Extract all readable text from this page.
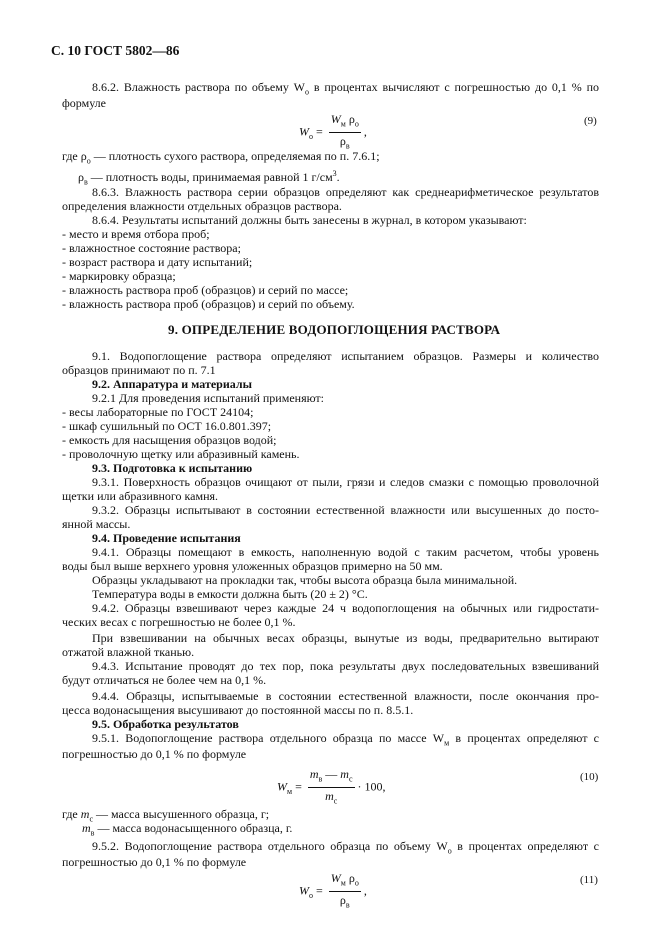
С. 10 ГОСТ 5802—86
8.6.2. Влажность раствора по объему $W_о$ в процентах вычисляют с погрешностью до 0,1 % по
формуле
$W_о = \frac{W_м \rho_о}{\rho_в}$ ,
(9)
где $\rho_о$ — плотность сухого раствора, определяемая по п. 7.6.1;
$\rho_в$ — плотность воды, принимаемая равной 1 $г/см^3$.
8.6.3. Влажность раствора серии образцов определяют как среднеарифметическое результатов
определения влажности отдельных образцов раствора.
8.6.4. Результаты испытаний должны быть занесены в журнал, в котором указывают:
- место и время отбора проб;
- влажностное состояние раствора;
- возраст раствора и дату испытаний;
- маркировку образца;
- влажность раствора проб (образцов) и серий по массе;
- влажность раствора проб (образцов) и серий по объему.
9. ОПРЕДЕЛЕНИЕ ВОДОПОГЛОЩЕНИЯ РАСТВОРА
9.1. Водопоглощение раствора определяют испытанием образцов. Размеры и количество
образцов принимают по п. 7.1
9.2. Аппаратура и материалы
9.2.1 Для проведения испытаний применяют:
- весы лабораторные по ГОСТ 24104;
- шкаф сушильный по ОСТ 16.0.801.397;
- емкость для насыщения образцов водой;
- проволочную щетку или абразивный камень.
9.3. Подготовка к испытанию
9.3.1. Поверхность образцов очищают от пыли, грязи и следов смазки с помощью проволочной
щетки или абразивного камня.
9.3.2. Образцы испытывают в состоянии естественной влажности или высушенных до посто-
янной массы.
9.4. Проведение испытания
9.4.1. Образцы помещают в емкость, наполненную водой с таким расчетом, чтобы уровень
воды был выше верхнего уровня уложенных образцов примерно на 50 мм.
Образцы укладывают на прокладки так, чтобы высота образца была минимальной.
Температура воды в емкости должна быть (20 ± 2) °С.
9.4.2. Образцы взвешивают через каждые 24 ч водопоглощения на обычных или гидростати-
ческих весах с погрешностью не более 0,1 %.
При взвешивании на обычных весах образцы, вынутые из воды, предварительно вытирают
отжатой влажной тканью.
9.4.3. Испытание проводят до тех пор, пока результаты двух последовательных взвешиваний
будут отличаться не более чем на 0,1 %.
9.4.4. Образцы, испытываемые в состоянии естественной влажности, после окончания про-
цесса водонасыщения высушивают до постоянной массы по п. 8.5.1.
9.5. Обработка результатов
9.5.1. Водопоглощение раствора отдельного образца по массе $W_м$ в процентах определяют с
погрешностью до 0,1 % по формуле
$W_м = \frac{m_в — m_с}{m_с} \cdot 100$,
(10)
где $m_с$ — масса высушенного образца, г;
$m_в$ — масса водонасыщенного образца, г.
9.5.2. Водопоглощение раствора отдельного образца по объему $W_о$ в процентах определяют с
погрешностью до 0,1 % по формуле
$W_о = \frac{W_м \rho_о}{\rho_в}$ ,
(11)
